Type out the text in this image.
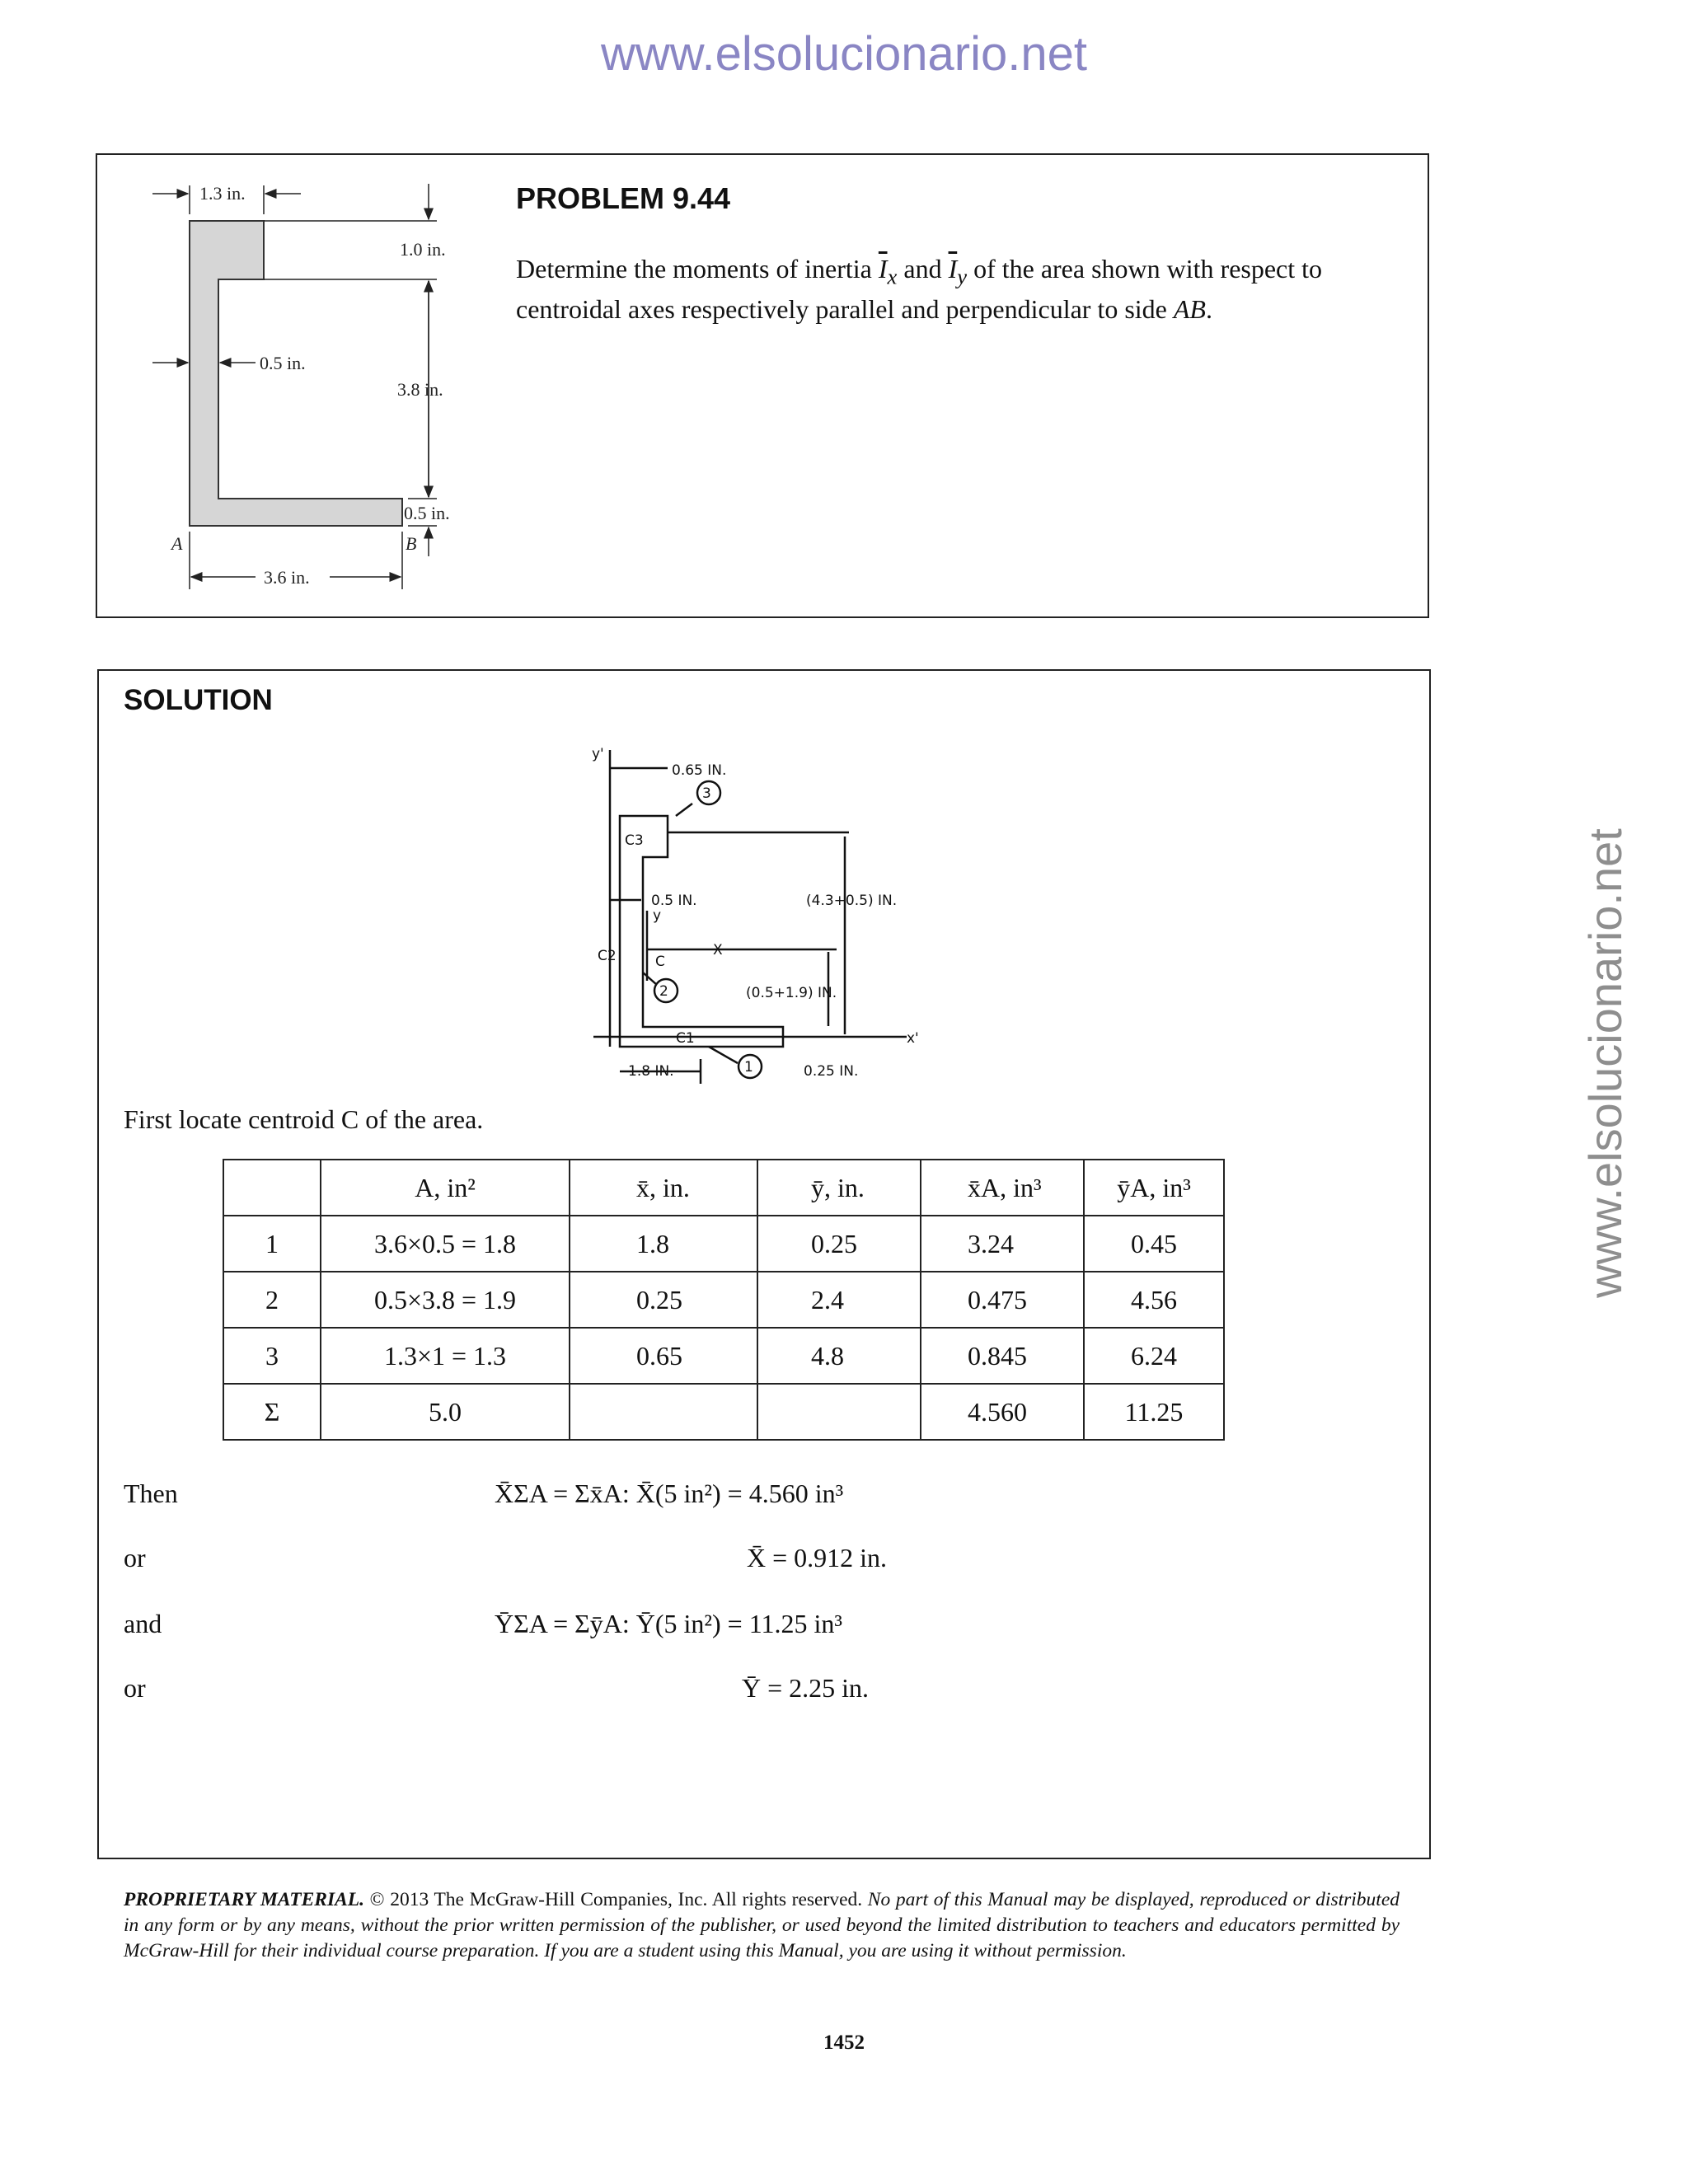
www.elsolucionario.net
www.elsolucionario.net
1.3 in.
1.0 in.
3.8 in.
0.5 in.
0.5 in.
3.6 in.
A	B
PROBLEM 9.44
Determine the moments of inertia $\overline{I}_x$ and $\overline{I}_y$ of the area shown with respect to centroidal axes respectively parallel and perpendicular to side AB.
SOLUTION
3
2
1
y'
x'
0.65 IN.
0.5 IN.	(4.3+0.5) IN.
(0.5+1.9) IN.
1.8 IN.	0.25 IN.
C3
C2
C1
C
X
y
First locate centroid C of the area.
	A, in²	x̄, in.	ȳ, in.	x̄A, in³	ȳA, in³
1	3.6×0.5 = 1.8	1.8	0.25	3.24	0.45
2	0.5×3.8 = 1.9	0.25	2.4	0.475	4.56
3	1.3×1 = 1.3	0.65	4.8	0.845	6.24
Σ	5.0			4.560	11.25
Then	X̄ΣA = Σx̄A: X̄(5 in²) = 4.560 in³
or	X̄ = 0.912 in.
and	ȲΣA = ΣȳA: Ȳ(5 in²) = 11.25 in³
or	Ȳ = 2.25 in.
PROPRIETARY MATERIAL. © 2013 The McGraw-Hill Companies, Inc. All rights reserved. No part of this Manual may be displayed, reproduced or distributed in any form or by any means, without the prior written permission of the publisher, or used beyond the limited distribution to teachers and educators permitted by McGraw-Hill for their individual course preparation. If you are a student using this Manual, you are using it without permission.
1452
